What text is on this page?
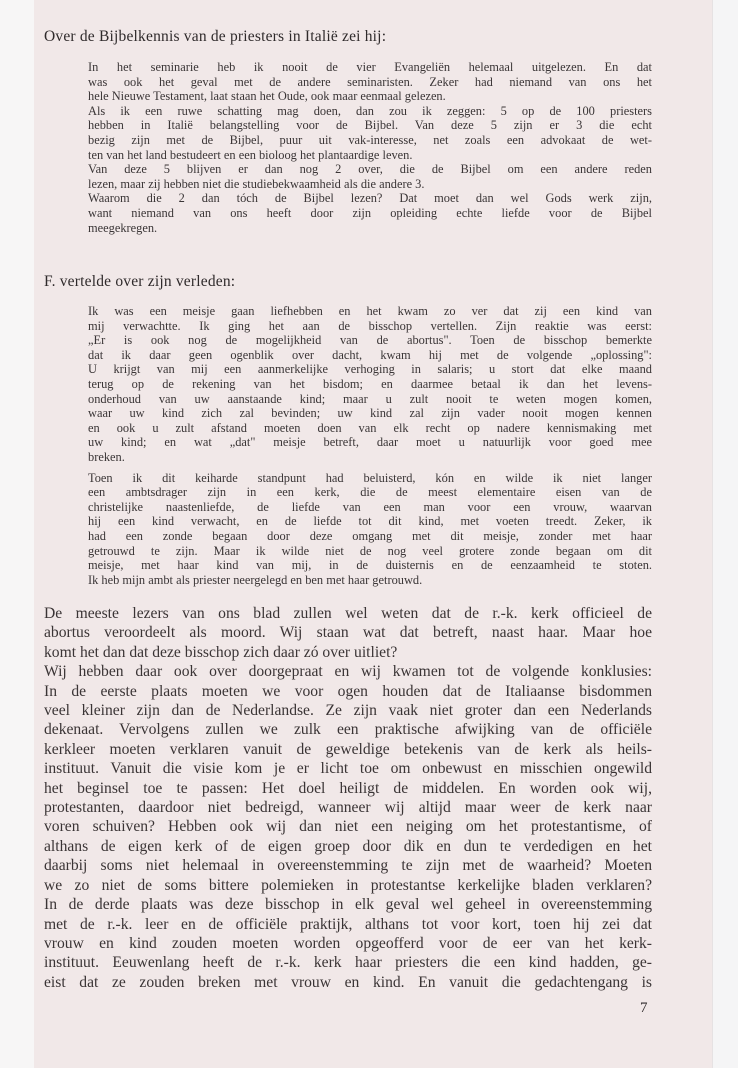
Over de Bijbelkennis van de priesters in Italië zei hij:
In het seminarie heb ik nooit de vier Evangeliën helemaal uitgelezen. En dat
was ook het geval met de andere seminaristen. Zeker had niemand van ons het
hele Nieuwe Testament, laat staan het Oude, ook maar eenmaal gelezen.
Als ik een ruwe schatting mag doen, dan zou ik zeggen: 5 op de 100 priesters
hebben in Italië belangstelling voor de Bijbel. Van deze 5 zijn er 3 die echt
bezig zijn met de Bijbel, puur uit vak-interesse, net zoals een advokaat de wet-
ten van het land bestudeert en een bioloog het plantaardige leven.
Van deze 5 blijven er dan nog 2 over, die de Bijbel om een andere reden
lezen, maar zij hebben niet die studiebekwaamheid als die andere 3.
Waarom die 2 dan tóch de Bijbel lezen? Dat moet dan wel Gods werk zijn,
want niemand van ons heeft door zijn opleiding echte liefde voor de Bijbel
meegekregen.
F. vertelde over zijn verleden:
Ik was een meisje gaan liefhebben en het kwam zo ver dat zij een kind van
mij verwachtte. Ik ging het aan de bisschop vertellen. Zijn reaktie was eerst:
„Er is ook nog de mogelijkheid van de abortus". Toen de bisschop bemerkte
dat ik daar geen ogenblik over dacht, kwam hij met de volgende „oplossing":
U krijgt van mij een aanmerkelijke verhoging in salaris; u stort dat elke maand
terug op de rekening van het bisdom; en daarmee betaal ik dan het levens-
onderhoud van uw aanstaande kind; maar u zult nooit te weten mogen komen,
waar uw kind zich zal bevinden; uw kind zal zijn vader nooit mogen kennen
en ook u zult afstand moeten doen van elk recht op nadere kennismaking met
uw kind; en wat „dat" meisje betreft, daar moet u natuurlijk voor goed mee
breken.
Toen ik dit keiharde standpunt had beluisterd, kón en wilde ik niet langer
een ambtsdrager zijn in een kerk, die de meest elementaire eisen van de
christelijke naastenliefde, de liefde van een man voor een vrouw, waarvan
hij een kind verwacht, en de liefde tot dit kind, met voeten treedt. Zeker, ik
had een zonde begaan door deze omgang met dit meisje, zonder met haar
getrouwd te zijn. Maar ik wilde niet de nog veel grotere zonde begaan om dit
meisje, met haar kind van mij, in de duisternis en de eenzaamheid te stoten.
Ik heb mijn ambt als priester neergelegd en ben met haar getrouwd.
De meeste lezers van ons blad zullen wel weten dat de r.-k. kerk officieel de
abortus veroordeelt als moord. Wij staan wat dat betreft, naast haar. Maar hoe
komt het dan dat deze bisschop zich daar zó over uitliet?
Wij hebben daar ook over doorgepraat en wij kwamen tot de volgende konklusies:
In de eerste plaats moeten we voor ogen houden dat de Italiaanse bisdommen
veel kleiner zijn dan de Nederlandse. Ze zijn vaak niet groter dan een Nederlands
dekenaat. Vervolgens zullen we zulk een praktische afwijking van de officiële
kerkleer moeten verklaren vanuit de geweldige betekenis van de kerk als heils-
instituut. Vanuit die visie kom je er licht toe om onbewust en misschien ongewild
het beginsel toe te passen: Het doel heiligt de middelen. En worden ook wij,
protestanten, daardoor niet bedreigd, wanneer wij altijd maar weer de kerk naar
voren schuiven? Hebben ook wij dan niet een neiging om het protestantisme, of
althans de eigen kerk of de eigen groep door dik en dun te verdedigen en het
daarbij soms niet helemaal in overeenstemming te zijn met de waarheid? Moeten
we zo niet de soms bittere polemieken in protestantse kerkelijke bladen verklaren?
In de derde plaats was deze bisschop in elk geval wel geheel in overeenstemming
met de r.-k. leer en de officiële praktijk, althans tot voor kort, toen hij zei dat
vrouw en kind zouden moeten worden opgeofferd voor de eer van het kerk-
instituut. Eeuwenlang heeft de r.-k. kerk haar priesters die een kind hadden, ge-
eist dat ze zouden breken met vrouw en kind. En vanuit die gedachtengang is
7
